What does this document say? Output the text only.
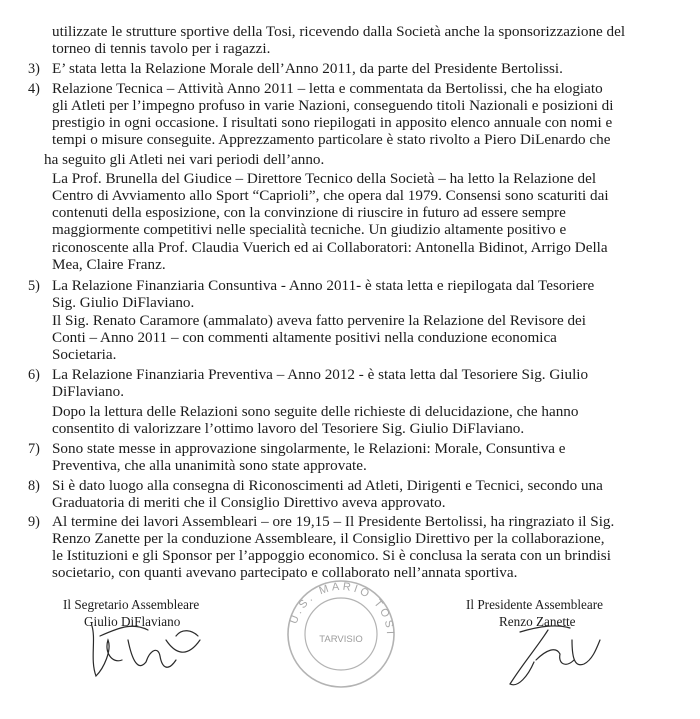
utilizzate le strutture sportive della Tosi, ricevendo dalla Società anche la sponsorizzazione del
torneo di tennis tavolo per i ragazzi.
E’ stata letta la Relazione Morale dell’Anno 2011, da parte del Presidente Bertolissi.
Relazione Tecnica – Attività Anno 2011 – letta e commentata da Bertolissi, che ha elogiato
gli Atleti per l’impegno profuso in varie Nazioni, conseguendo titoli Nazionali e posizioni di
prestigio in ogni occasione. I risultati sono riepilogati in apposito elenco annuale con nomi e
tempi o misure conseguite. Apprezzamento particolare è stato rivolto a Piero DiLenardo che
ha seguito gli Atleti nei vari periodi dell’anno.
La Prof. Brunella del Giudice – Direttore Tecnico della Società – ha letto la Relazione del
Centro di Avviamento allo Sport “Caprioli”, che opera dal 1979. Consensi sono scaturiti dai
contenuti della esposizione, con la convinzione di riuscire in futuro ad essere sempre
maggiormente competitivi nelle specialità tecniche. Un giudizio altamente positivo e
riconoscente alla Prof. Claudia Vuerich ed ai Collaboratori: Antonella Bidinot, Arrigo Della
Mea, Claire Franz.
La Relazione Finanziaria Consuntiva - Anno 2011- è stata letta e riepilogata dal Tesoriere
Sig. Giulio DiFlaviano.
Il Sig. Renato Caramore (ammalato) aveva fatto pervenire la Relazione del Revisore dei
Conti – Anno 2011 – con commenti altamente positivi nella conduzione economica
Societaria.
La Relazione Finanziaria Preventiva – Anno 2012 - è stata letta dal Tesoriere Sig. Giulio
DiFlaviano.
Dopo la lettura delle Relazioni sono seguite delle richieste di delucidazione, che hanno
consentito di valorizzare l’ottimo lavoro del Tesoriere Sig. Giulio DiFlaviano.
Sono state messe in approvazione singolarmente, le Relazioni: Morale, Consuntiva e
Preventiva, che alla unanimità sono state approvate.
Si è dato luogo alla consegna di Riconoscimenti ad Atleti, Dirigenti e Tecnici, secondo una
Graduatoria di meriti che il Consiglio Direttivo aveva approvato.
Al termine dei lavori Assembleari – ore 19,15 – Il Presidente Bertolissi, ha ringraziato il Sig.
Renzo Zanette per la conduzione Assembleare, il Consiglio Direttivo per la collaborazione,
le Istituzioni e gli Sponsor per l’appoggio economico. Si è conclusa la serata con un brindisi
societario, con quanti avevano partecipato e collaborato nell’annata sportiva.
3)
4)
5)
6)
7)
8)
9)
Il Segretario Assembleare
Giulio DiFlaviano
Il Presidente Assembleare
Renzo Zanette
U.S. MARIO TOSI
TARVISIO
